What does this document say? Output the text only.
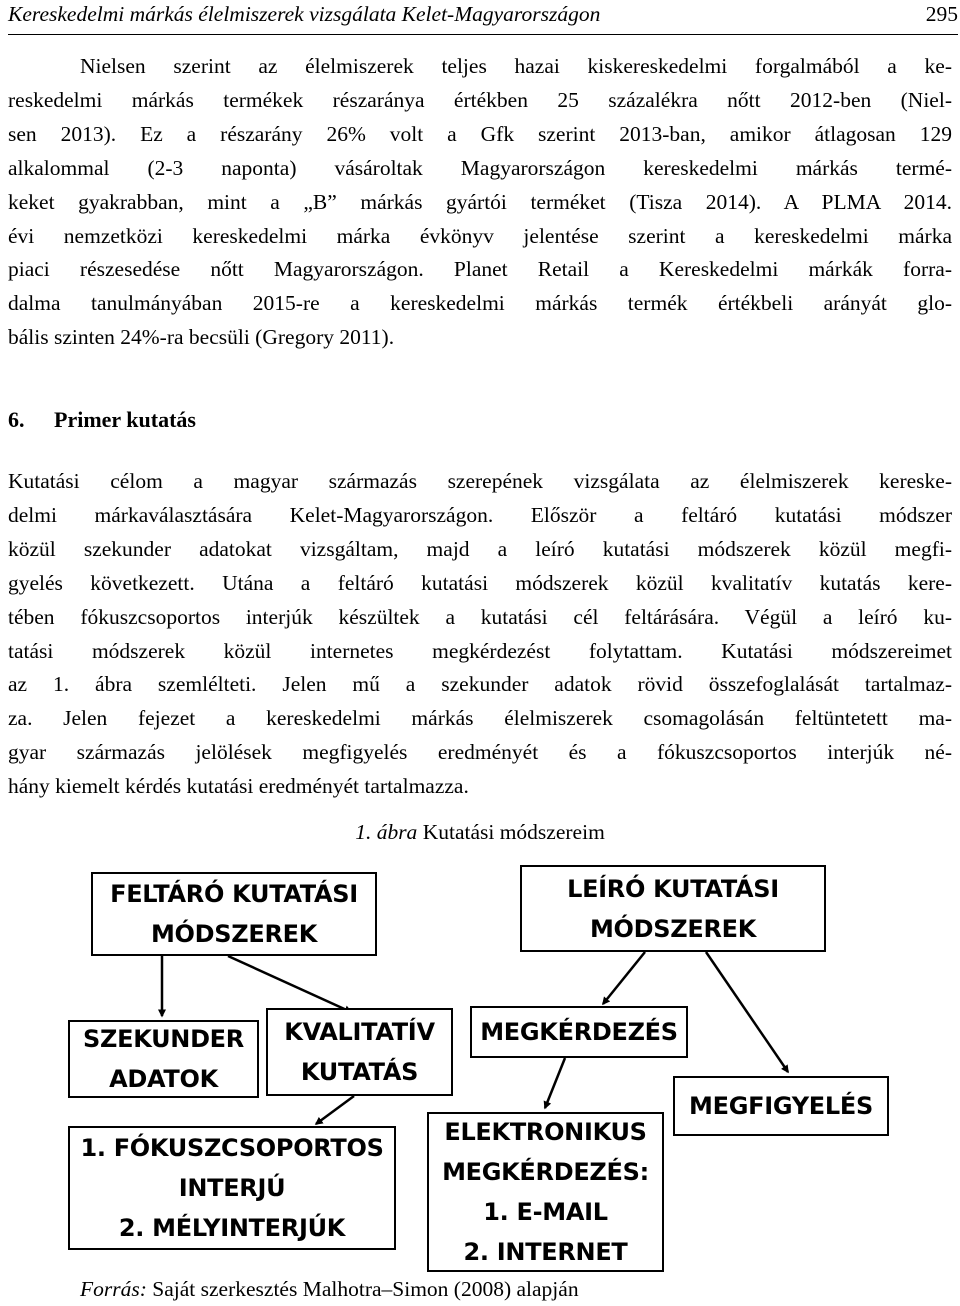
Kereskedelmi márkás élelmiszerek vizsgálata Kelet-Magyarországon	295
Nielsen szerint az élelmiszerek teljes hazai kiskereskedelmi forgalmából a ke-
reskedelmi márkás termékek részaránya értékben 25 százalékra nőtt 2012-ben (Niel-
sen 2013). Ez a részarány 26% volt a Gfk szerint 2013-ban, amikor átlagosan 129
alkalommal (2-3 naponta) vásároltak Magyarországon kereskedelmi márkás termé-
keket gyakrabban, mint a „B” márkás gyártói terméket (Tisza 2014). A PLMA 2014.
évi nemzetközi kereskedelmi márka évkönyv jelentése szerint a kereskedelmi márka
piaci részesedése nőtt Magyarországon. Planet Retail a Kereskedelmi márkák forra-
dalma tanulmányában 2015-re a kereskedelmi márkás termék értékbeli arányát glo-
bális szinten 24%-ra becsüli (Gregory 2011).
6. Primer kutatás
Kutatási célom a magyar származás szerepének vizsgálata az élelmiszerek kereske-
delmi márkaválasztására Kelet-Magyarországon. Először a feltáró kutatási módszer
közül szekunder adatokat vizsgáltam, majd a leíró kutatási módszerek közül megfi-
gyelés következett. Utána a feltáró kutatási módszerek közül kvalitatív kutatás kere-
tében fókuszcsoportos interjúk készültek a kutatási cél feltárására. Végül a leíró ku-
tatási módszerek közül internetes megkérdezést folytattam. Kutatási módszereimet
az 1. ábra szemlélteti. Jelen mű a szekunder adatok rövid összefoglalását tartalmaz-
za. Jelen fejezet a kereskedelmi márkás élelmiszerek csomagolásán feltüntetett ma-
gyar származás jelölések megfigyelés eredményét és a fókuszcsoportos interjúk né-
hány kiemelt kérdés kutatási eredményét tartalmazza.
1. ábra Kutatási módszereim
FELTÁRÓ KUTATÁSI
MÓDSZEREK
LEÍRÓ KUTATÁSI
MÓDSZEREK
SZEKUNDER
ADATOK
KVALITATÍV
KUTATÁS
MEGKÉRDEZÉS
MEGFIGYELÉS
1. FÓKUSZCSOPORTOS
INTERJÚ
2. MÉLYINTERJÚK
ELEKTRONIKUS
MEGKÉRDEZÉS:
1. E-MAIL
2. INTERNET
Forrás: Saját szerkesztés Malhotra–Simon (2008) alapján
